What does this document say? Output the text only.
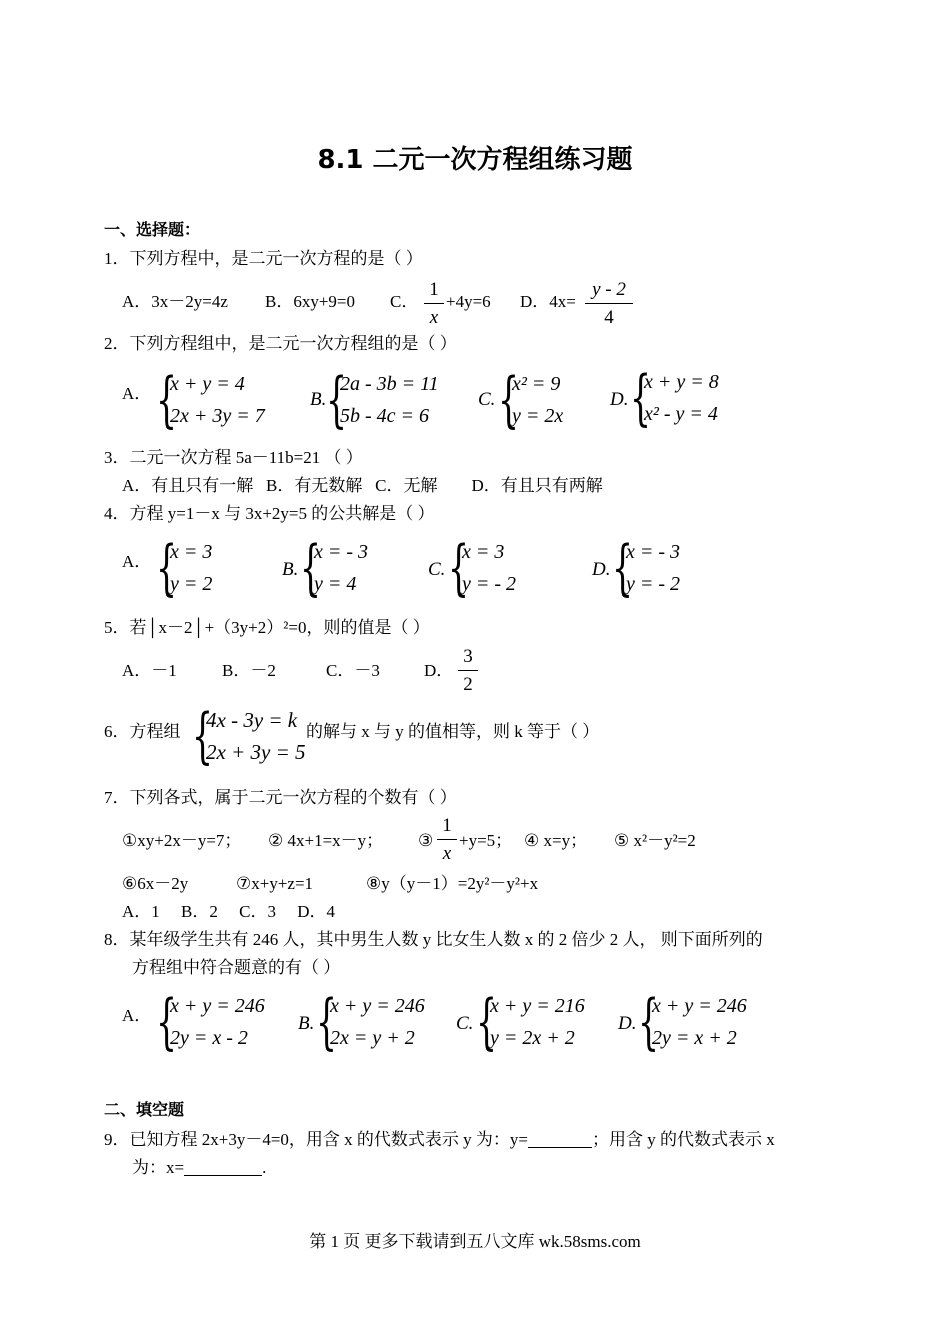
8.1 二元一次方程组练习题
一、选择题：
1．下列方程中，是二元一次方程的是（ ）
A．3x－2y=4z B．6xy+9=0 C．
1
x
+4y=6 D．4x=
y - 2
4
2．下列方程组中，是二元一次方程组的是（ ）
A． {
x + y = 4
2x + 3y = 7
B. {
2a - 3b = 11
5b - 4c = 6
C. {
x² = 9
y = 2x
D. {
x + y = 8
x² - y = 4
3．二元一次方程 5a－11b=21 （ ）
A．有且只有一解   B．有无数解   C．无解        D．有且只有两解
4．方程 y=1－x 与 3x+2y=5 的公共解是（ ）
A． {
x = 3
y = 2
B. {
x = - 3
y = 4
C. {
x = 3
y = - 2
D. {
x = - 3
y = - 2
5．若│x－2│+（3y+2）²=0，则的值是（ ）
A．－1	B．－2	C．－3	D．
3
2
6．方程组 {
4x - 3y = k
2x + 3y = 5
的解与 x 与 y 的值相等，则 k 等于（ ）
7．下列各式，属于二元一次方程的个数有（ ）
①xy+2x－y=7； ② 4x+1=x－y； ③
1
x
+y=5； ④ x=y； ⑤ x²－y²=2
⑥6x－2y	⑦x+y+z=1	⑧y（y－1）=2y²－y²+x
A．1     B．2     C．3     D．4
8．某年级学生共有 246 人，其中男生人数 y 比女生人数 x 的 2 倍少 2 人， 则下面所列的
方程组中符合题意的有（ ）
A． {
x + y = 246
2y = x - 2
B. {
x + y = 246
2x = y + 2
C. {
x + y = 216
y = 2x + 2
D. {
x + y = 246
2y = x + 2
二、填空题
9．已知方程 2x+3y－4=0，用含 x 的代数式表示 y 为：y=	；用含 y 的代数式表示 x
为：x=	.
第 1 页 更多下载请到五八文库 wk.58sms.com
